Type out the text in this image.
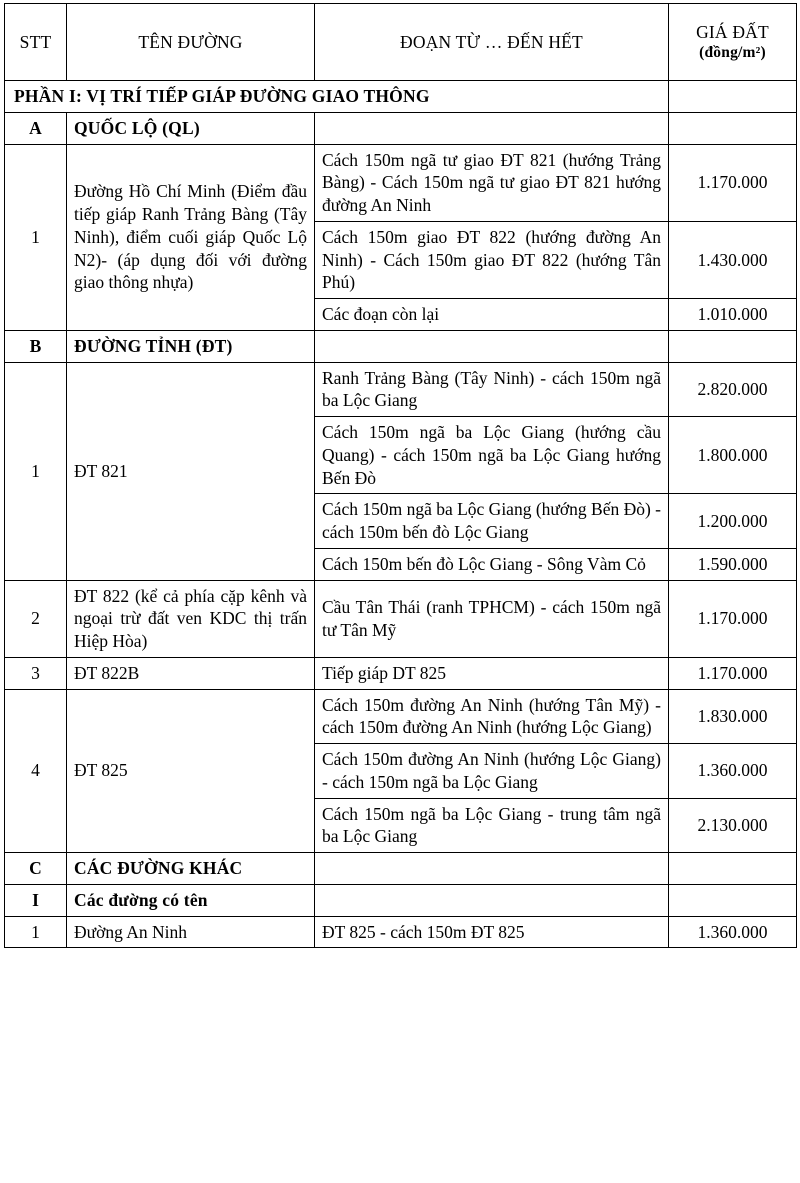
STT	TÊN ĐƯỜNG	ĐOẠN TỪ … ĐẾN HẾT	GIÁ ĐẤT
(đồng/m²)

PHẦN I: VỊ TRÍ TIẾP GIÁP ĐƯỜNG GIAO THÔNG			
A	QUỐC LỘ (QL)		
1	Đường Hồ Chí Minh (Điểm đầu tiếp giáp Ranh Trảng Bàng (Tây Ninh), điểm cuối giáp Quốc Lộ N2)- (áp dụng đối với đường giao thông nhựa)	Cách 150m ngã tư giao ĐT 821 (hướng Trảng Bàng) - Cách 150m ngã tư giao ĐT 821 hướng đường An Ninh	1.170.000
		Cách 150m giao ĐT 822 (hướng đường An Ninh) - Cách 150m giao ĐT 822 (hướng Tân Phú)	1.430.000
		Các đoạn còn lại	1.010.000
B	ĐƯỜNG TỈNH (ĐT)		
1	ĐT 821	Ranh Trảng Bàng (Tây Ninh) - cách 150m ngã ba Lộc Giang	2.820.000
		Cách 150m ngã ba Lộc Giang (hướng cầu Quang) - cách 150m ngã ba Lộc Giang hướng Bến Đò	1.800.000
		Cách 150m ngã ba Lộc Giang (hướng Bến Đò) - cách 150m bến đò Lộc Giang	1.200.000
		Cách 150m bến đò Lộc Giang - Sông Vàm Cỏ	1.590.000
2	ĐT 822 (kể cả phía cặp kênh và ngoại trừ đất ven KDC thị trấn Hiệp Hòa)	Cầu Tân Thái (ranh TPHCM) - cách 150m ngã tư Tân Mỹ	1.170.000
3	ĐT 822B	Tiếp giáp DT 825	1.170.000
4	ĐT 825	Cách 150m đường An Ninh (hướng Tân Mỹ) - cách 150m đường An Ninh (hướng Lộc Giang)	1.830.000
		Cách 150m đường An Ninh (hướng Lộc Giang) - cách 150m ngã ba Lộc Giang	1.360.000
		Cách 150m ngã ba Lộc Giang - trung tâm ngã ba Lộc Giang	2.130.000
C	CÁC ĐƯỜNG KHÁC		
I	Các đường có tên		
1	Đường An Ninh	ĐT 825 - cách 150m ĐT 825	1.360.000
